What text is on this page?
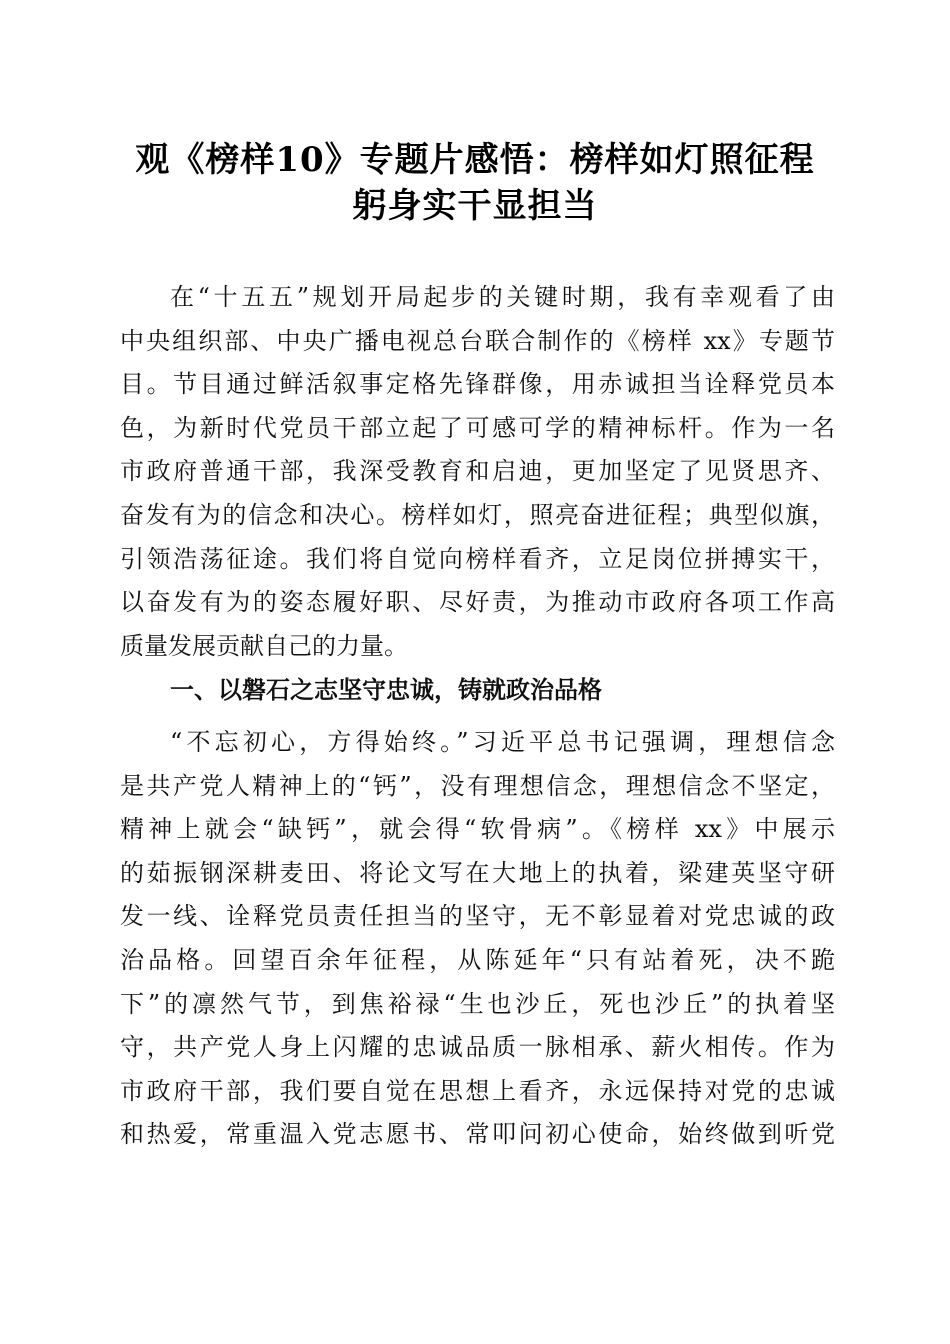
观《榜样10》专题片感悟：榜样如灯照征程
躬身实干显担当
在“十五五”规划开局起步的关键时期，我有幸观看了由
中央组织部、中央广播电视总台联合制作的《榜样 xx》专题节
目。节目通过鲜活叙事定格先锋群像，用赤诚担当诠释党员本
色，为新时代党员干部立起了可感可学的精神标杆。作为一名
市政府普通干部，我深受教育和启迪，更加坚定了见贤思齐、
奋发有为的信念和决心。榜样如灯，照亮奋进征程；典型似旗，
引领浩荡征途。我们将自觉向榜样看齐，立足岗位拼搏实干，
以奋发有为的姿态履好职、尽好责，为推动市政府各项工作高
质量发展贡献自己的力量。
一、以磐石之志坚守忠诚，铸就政治品格
“不忘初心，方得始终。”习近平总书记强调，理想信念
是共产党人精神上的“钙”，没有理想信念，理想信念不坚定，
精神上就会“缺钙”，就会得“软骨病”。《榜样 xx》中展示
的茹振钢深耕麦田、将论文写在大地上的执着，梁建英坚守研
发一线、诠释党员责任担当的坚守，无不彰显着对党忠诚的政
治品格。回望百余年征程，从陈延年“只有站着死，决不跪
下”的凛然气节，到焦裕禄“生也沙丘，死也沙丘”的执着坚
守，共产党人身上闪耀的忠诚品质一脉相承、薪火相传。作为
市政府干部，我们要自觉在思想上看齐，永远保持对党的忠诚
和热爱，常重温入党志愿书、常叩问初心使命，始终做到听党
